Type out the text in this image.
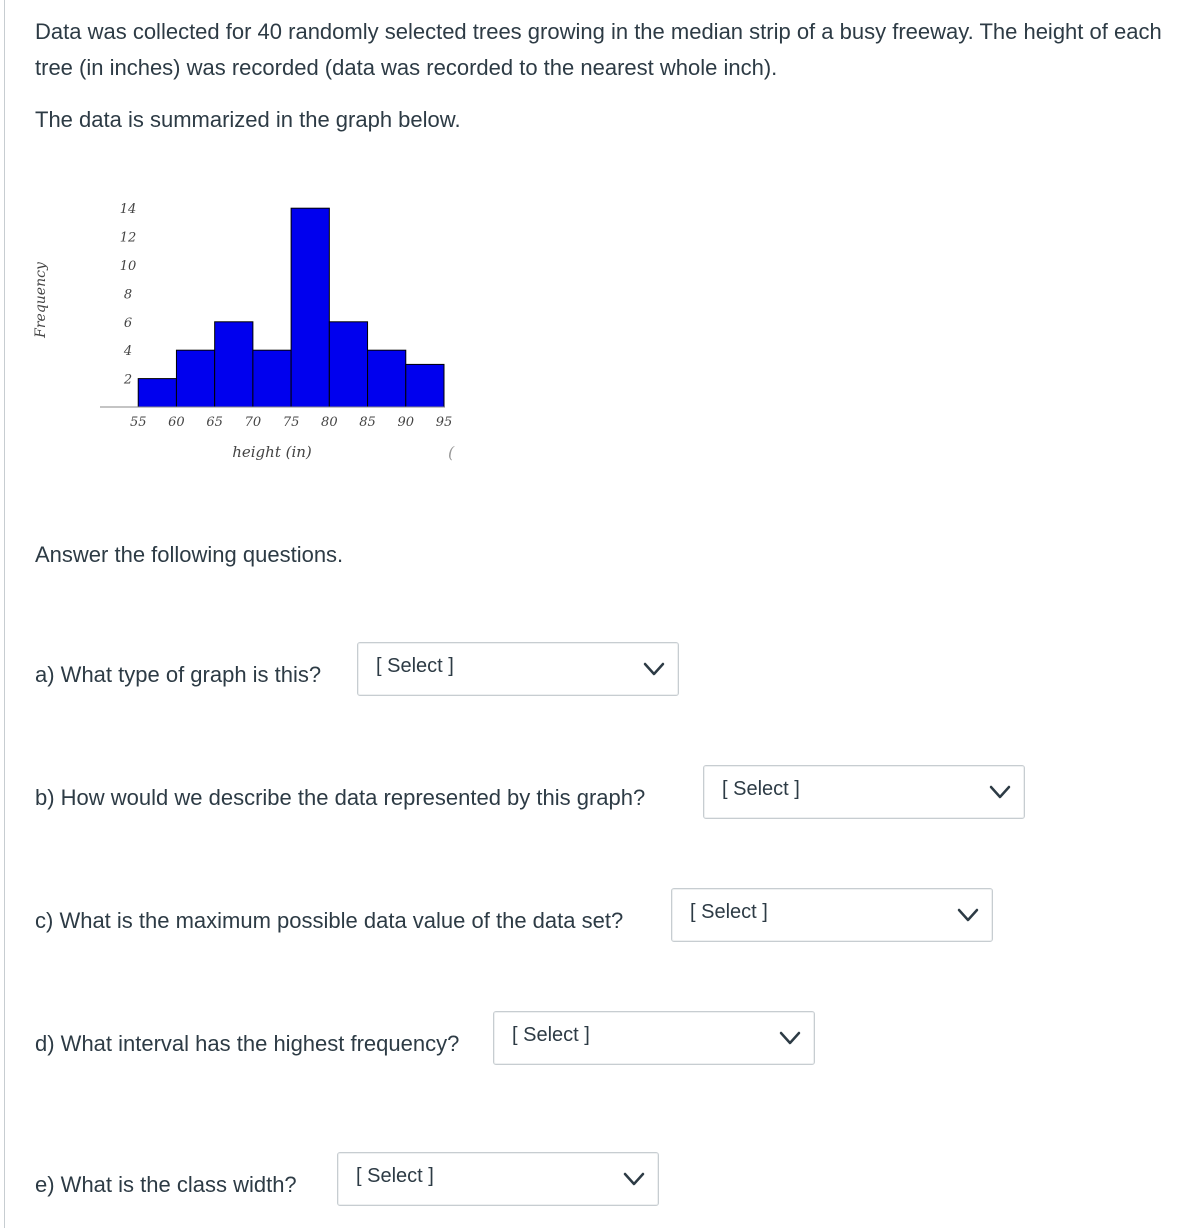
Data was collected for 40 randomly selected trees growing in the median strip of a busy freeway. The height of each tree (in inches) was recorded (data was recorded to the nearest whole inch).

The data is summarized in the graph below.

Frequency
2
4
6
8
10
12
14
55 60 65 70 75 80 85 90 95
height (in)	(

Answer the following questions.

a) What type of graph is this?	[ Select ]
b) How would we describe the data represented by this graph?	[ Select ]
c) What is the maximum possible data value of the data set?	[ Select ]
d) What interval has the highest frequency?	[ Select ]
e) What is the class width?	[ Select ]
